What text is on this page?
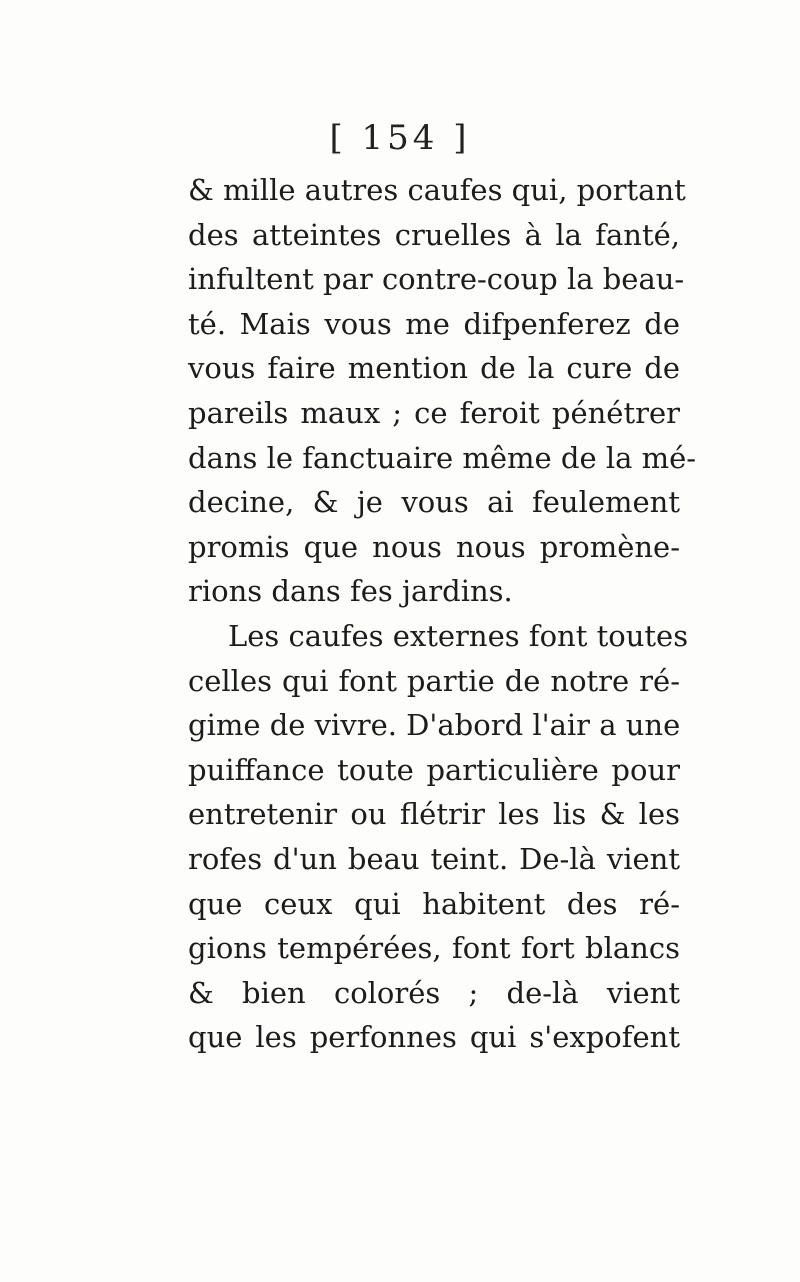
[ 154 ]
& mille autres caufes qui, portant
des atteintes cruelles à la fanté,
infultent par contre-coup la beau-
té. Mais vous me difpenferez de
vous faire mention de la cure de
pareils maux ; ce feroit pénétrer
dans le fanctuaire même de la mé-
decine, & je vous ai feulement
promis que nous nous promène-
rions dans fes jardins.
Les caufes externes font toutes
celles qui font partie de notre ré-
gime de vivre. D'abord l'air a une
puiffance toute particulière pour
entretenir ou flétrir les lis & les
rofes d'un beau teint. De-là vient
que ceux qui habitent des ré-
gions tempérées, font fort blancs
& bien colorés ; de-là vient
que les perfonnes qui s'expofent
